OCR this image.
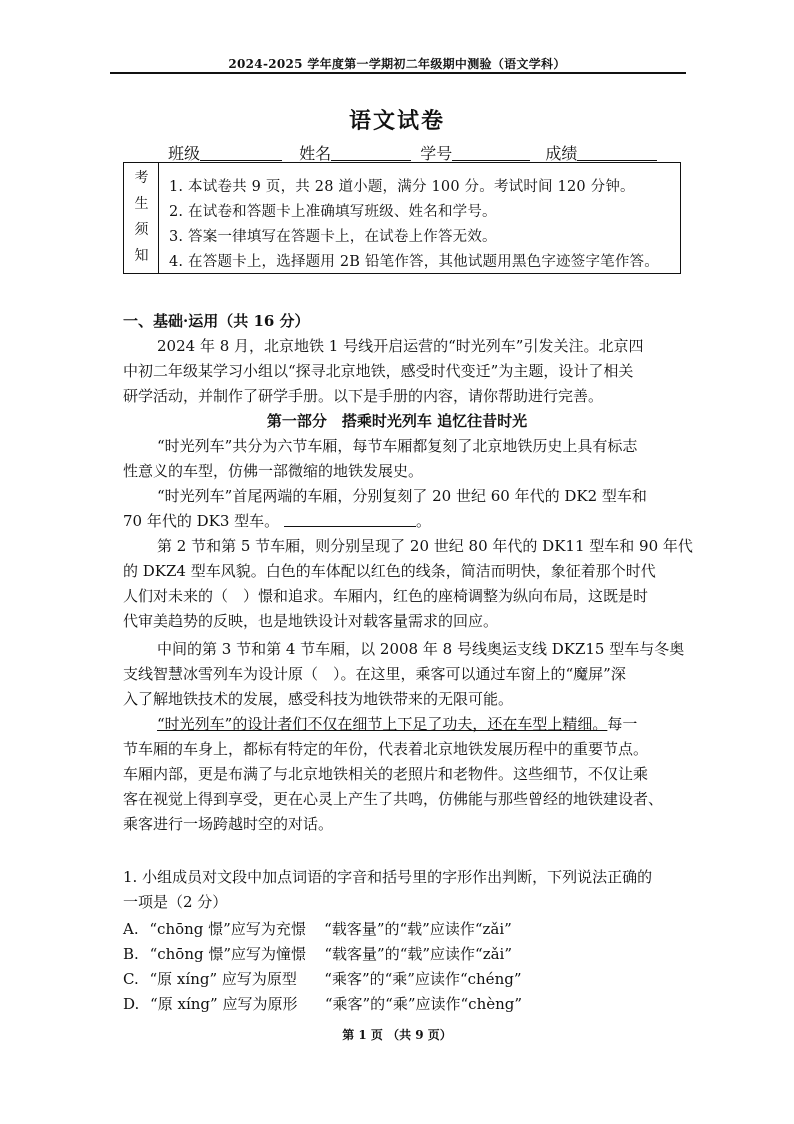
2024-2025 学年度第一学期初二年级期中测验（语文学科）
语文试卷
班级	姓名	学号	成绩
考
生
须
知
1. 本试卷共 9 页，共 28 道小题，满分 100 分。考试时间 120 分钟。
2. 在试卷和答题卡上准确填写班级、姓名和学号。
3. 答案一律填写在答题卡上，在试卷上作答无效。
4. 在答题卡上，选择题用 2B 铅笔作答，其他试题用黑色字迹签字笔作答。
一、基础·运用（共 16 分）
2024 年 8 月，北京地铁 1 号线开启运营的“时光列车”引发关注。北京四
中初二年级某学习小组以“探寻北京地铁，感受时代变迁”为主题，设计了相关
研学活动，并制作了研学手册。以下是手册的内容，请你帮助进行完善。
第一部分　搭乘时光列车 追忆往昔时光
“时光列车”共分为六节车厢，每节车厢都复刻了北京地铁历史上具有标志
性意义的车型，仿佛一部微缩的地铁发展史。
“时光列车”首尾两端的车厢，分别复刻了 20 世纪 60 年代的 DK2 型车和
70 年代的 DK3 型车。	。
第 2 节和第 5 节车厢，则分别呈现了 20 世纪 80 年代的 DK11 型车和 90 年代
的 DKZ4 型车风貌。白色的车体配以红色的线条，简洁而明快，象征着那个时代
人们对未来的（　）憬和追求。车厢内，红色的座椅调整为纵向布局，这既是时
代审美趋势的反映，也是地铁设计对载客量需求的回应。
中间的第 3 节和第 4 节车厢，以 2008 年 8 号线奥运支线 DKZ15 型车与冬奥
支线智慧冰雪列车为设计原（　）。在这里，乘客可以通过车窗上的“魔屏”深
入了解地铁技术的发展，感受科技为地铁带来的无限可能。
“时光列车”的设计者们不仅在细节上下足了功夫，还在车型上精细。每一
节车厢的车身上，都标有特定的年份，代表着北京地铁发展历程中的重要节点。
车厢内部，更是布满了与北京地铁相关的老照片和老物件。这些细节，不仅让乘
客在视觉上得到享受，更在心灵上产生了共鸣，仿佛能与那些曾经的地铁建设者、
乘客进行一场跨越时空的对话。
1. 小组成员对文段中加点词语的字音和括号里的字形作出判断，下列说法正确的
一项是（2 分）
A. “chōng 憬”应写为充憬 “载客量”的“载”应读作“zǎi”
B. “chōng 憬”应写为憧憬 “载客量”的“载”应读作“zǎi”
C. “原 xíng” 应写为原型 “乘客”的“乘”应读作“chéng”
D. “原 xíng” 应写为原形 “乘客”的“乘”应读作“chèng”
第 1 页 （共 9 页）
